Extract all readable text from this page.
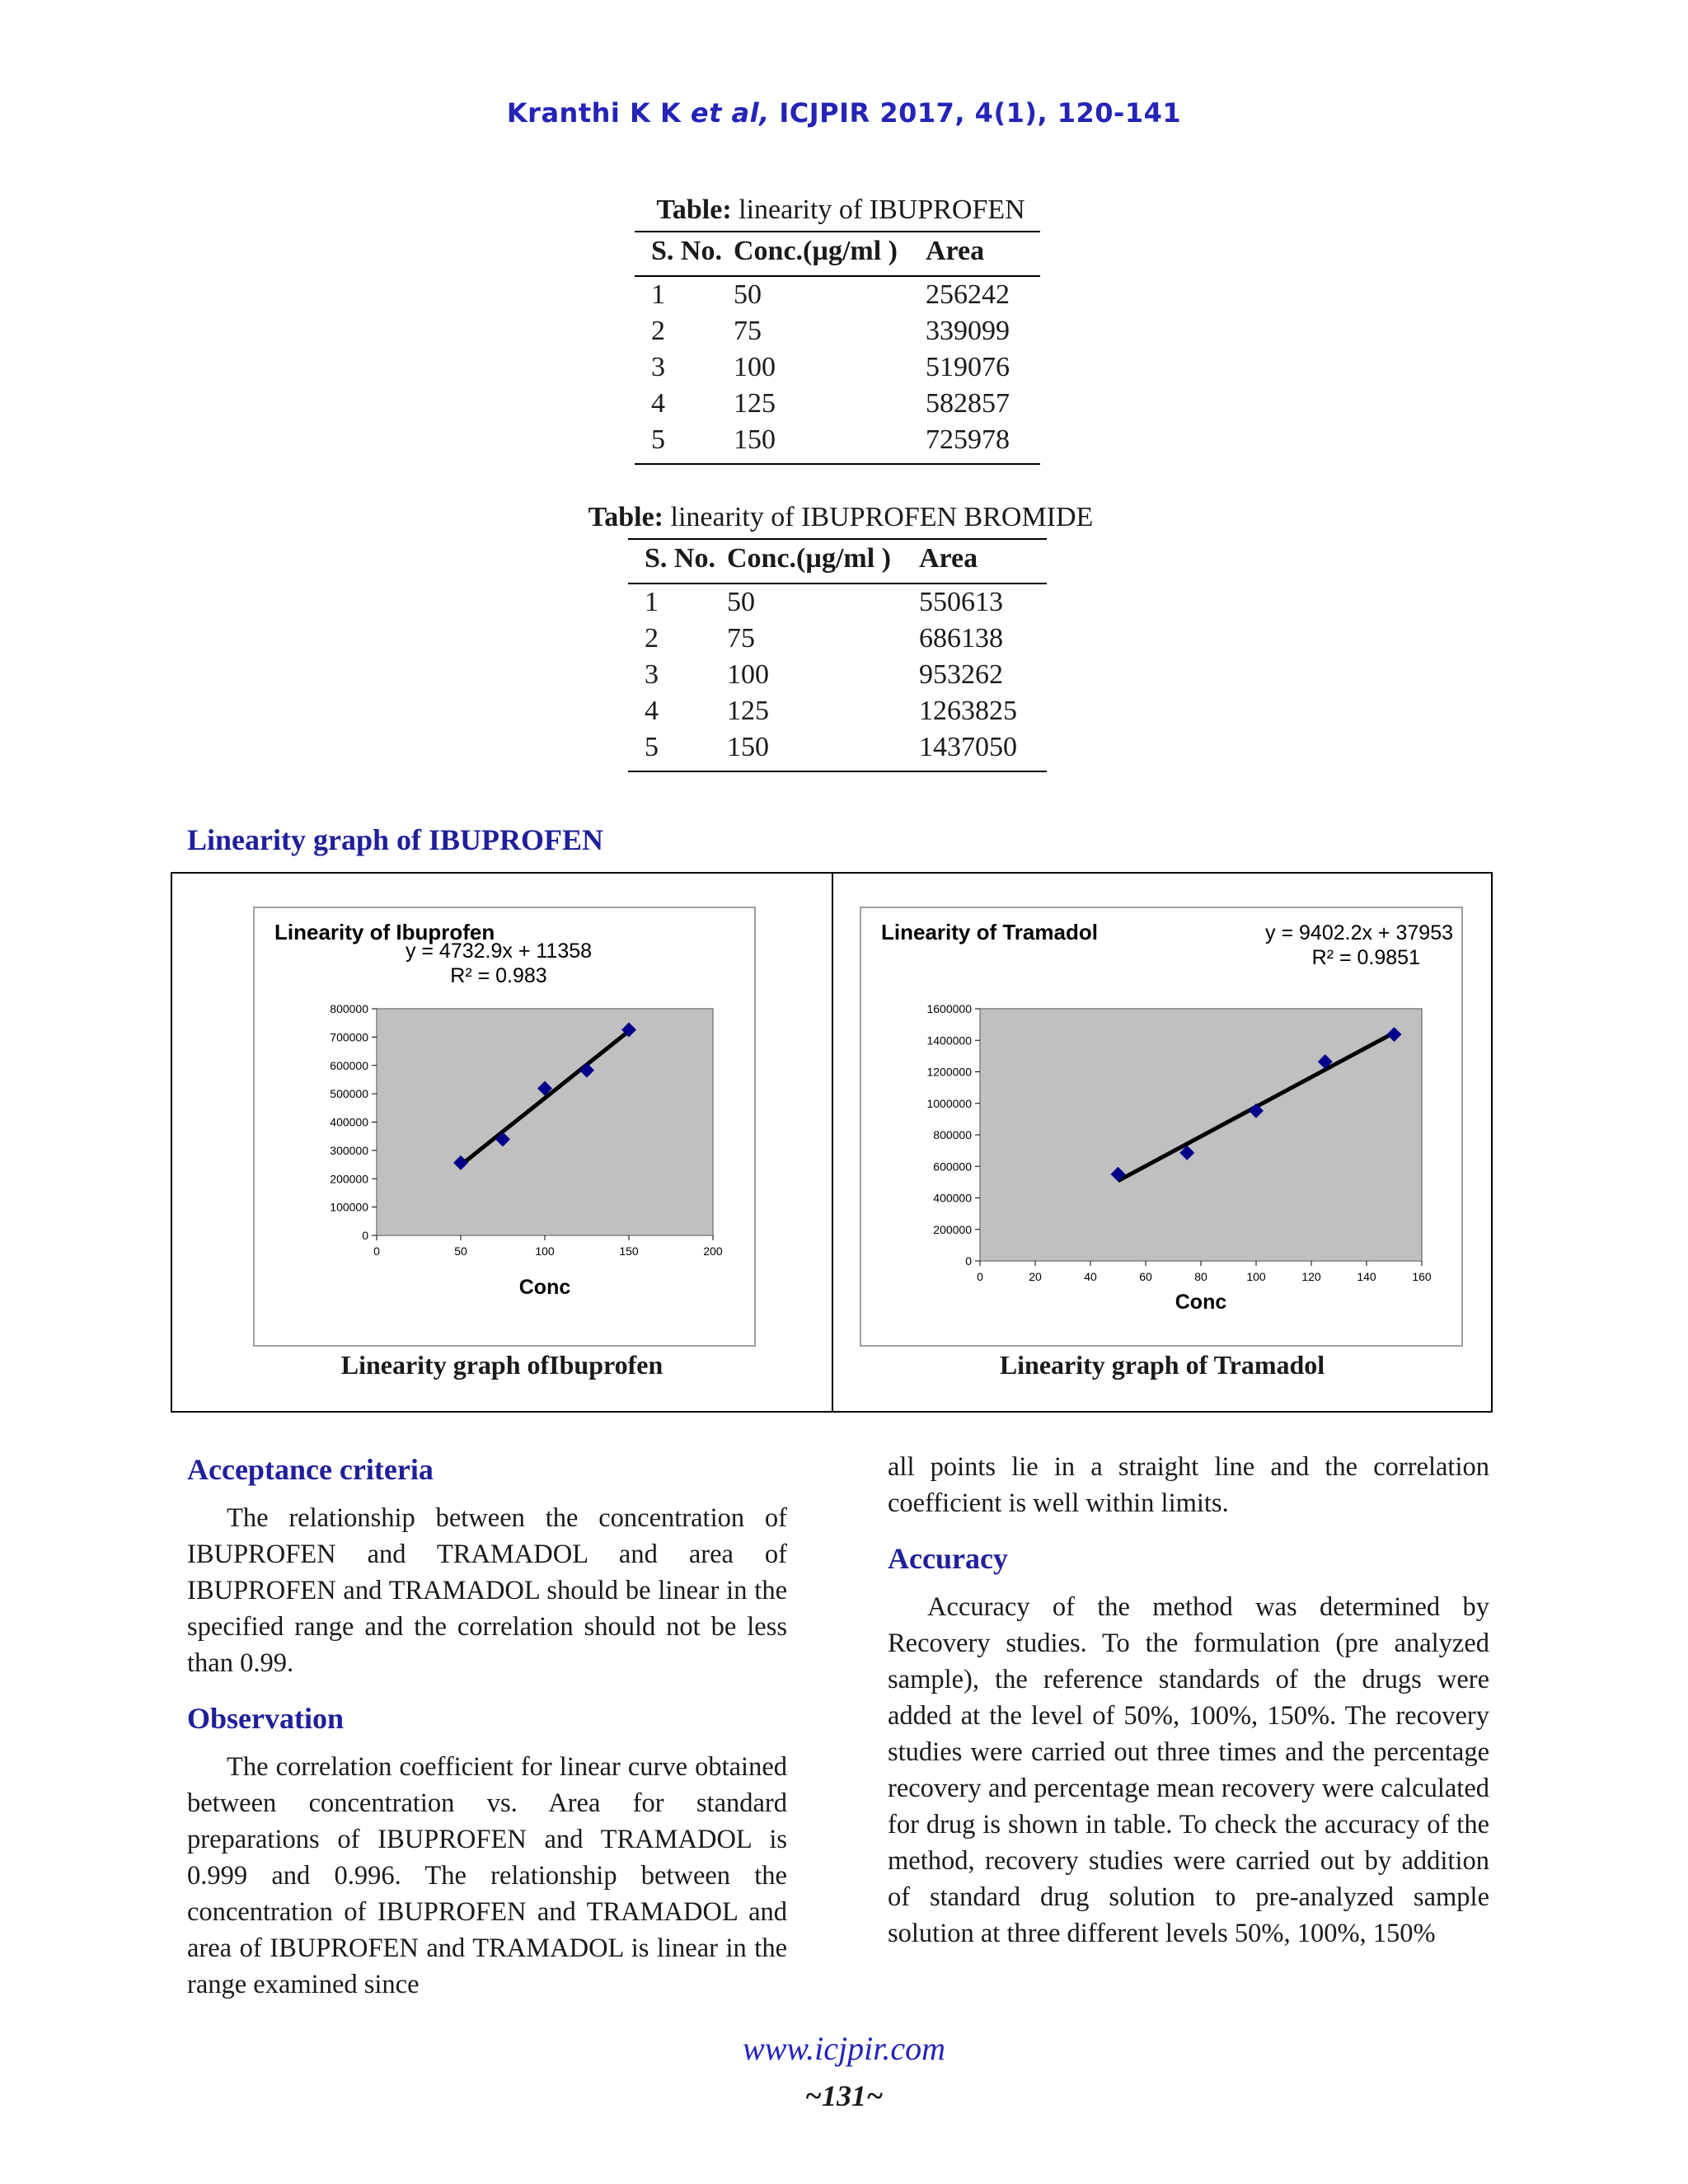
Kranthi K K et al, ICJPIR 2017, 4(1), 120-141
Table: linearity of IBUPROFEN
S. No.	Conc.(µg/ml )	Area
1	50	256242
2	75	339099
3	100	519076
4	125	582857
5	150	725978
Table: linearity of IBUPROFEN BROMIDE
S. No.	Conc.(µg/ml )	Area
1	50	550613
2	75	686138
3	100	953262
4	125	1263825
5	150	1437050
Linearity graph of IBUPROFEN
Linearity of Ibuprofen
y = 4732.9x + 11358
R² = 0.983
0
100000
200000
300000
400000
500000
600000
700000
800000
0	50	100	150	200
Conc
Linearity of Tramadol	y = 9402.2x + 37953
R² = 0.9851
0
200000
400000
600000
800000
1000000
1200000
1400000
1600000
0	20	40	60	80	100	120	140	160
Conc
Linearity graph ofIbuprofen	Linearity graph of Tramadol
Acceptance criteria

The relationship between the concentration of IBUPROFEN and TRAMADOL and area of IBUPROFEN and TRAMADOL should be linear in the specified range and the correlation should not be less than 0.99.

Observation

The correlation coefficient for linear curve obtained between concentration vs. Area for standard preparations of IBUPROFEN and TRAMADOL is 0.999 and 0.996. The relationship between the concentration of IBUPROFEN and TRAMADOL and area of IBUPROFEN and TRAMADOL is linear in the range examined since

all points lie in a straight line and the correlation coefficient is well within limits.

Accuracy

Accuracy of the method was determined by Recovery studies. To the formulation (pre analyzed sample), the reference standards of the drugs were added at the level of 50%, 100%, 150%. The recovery studies were carried out three times and the percentage recovery and percentage mean recovery were calculated for drug is shown in table. To check the accuracy of the method, recovery studies were carried out by addition of standard drug solution to pre-analyzed sample solution at three different levels 50%, 100%, 150%

www.icjpir.com
~131~
